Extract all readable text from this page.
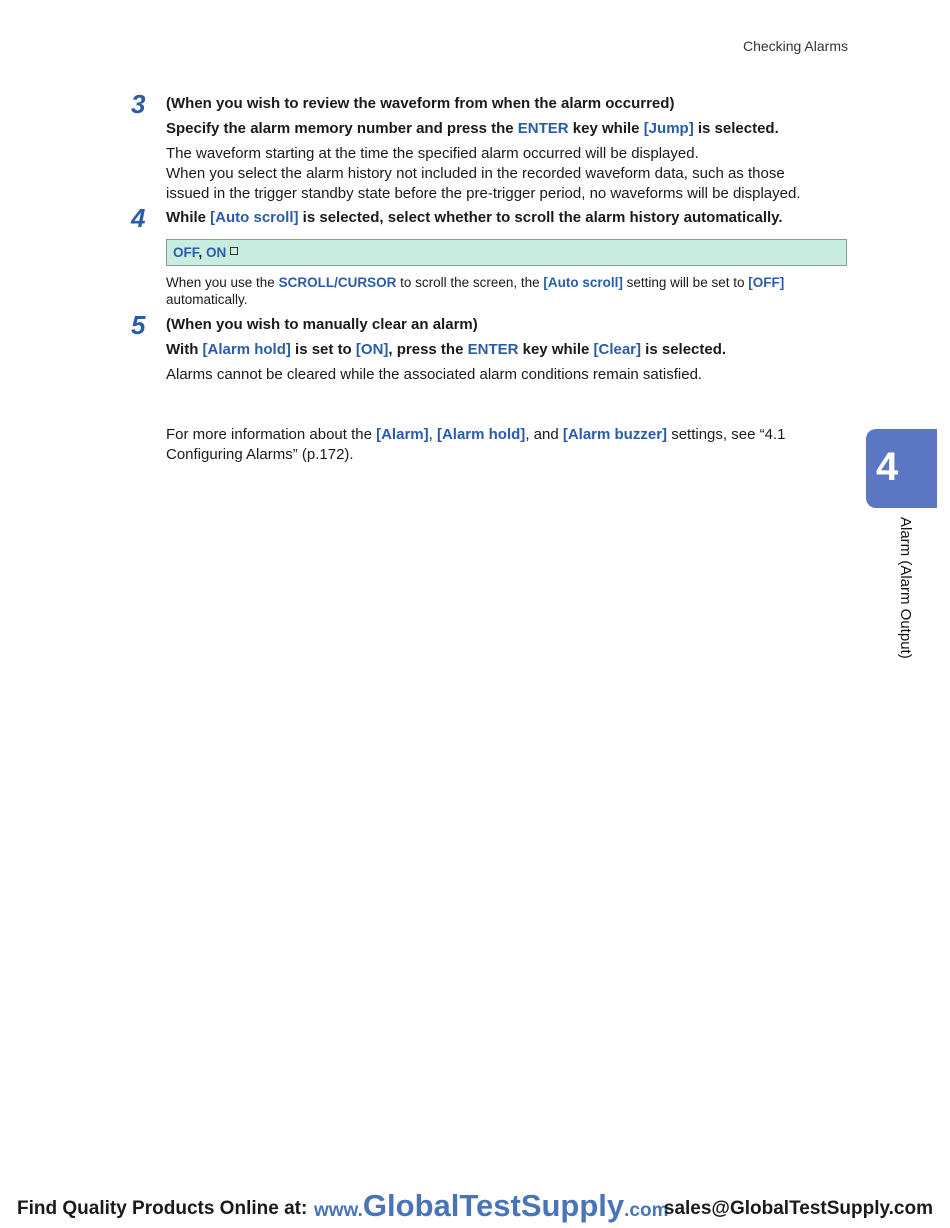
Checking Alarms
3 (When you wish to review the waveform from when the alarm occurred)
Specify the alarm memory number and press the ENTER key while [Jump] is selected.
The waveform starting at the time the specified alarm occurred will be displayed.
When you select the alarm history not included in the recorded waveform data, such as those
issued in the trigger standby state before the pre-trigger period, no waveforms will be displayed.
4 While [Auto scroll] is selected, select whether to scroll the alarm history automatically.
OFF, ON
When you use the SCROLL/CURSOR to scroll the screen, the [Auto scroll] setting will be set to [OFF]
automatically.
5 (When you wish to manually clear an alarm)
With [Alarm hold] is set to [ON], press the ENTER key while [Clear] is selected.
Alarms cannot be cleared while the associated alarm conditions remain satisfied.
For more information about the [Alarm], [Alarm hold], and [Alarm buzzer] settings, see “4.1
Configuring Alarms” (p.172).	4
Alarm (Alarm Output)
Find Quality Products Online at: www.GlobalTestSupply.com
sales@GlobalTestSupply.com
